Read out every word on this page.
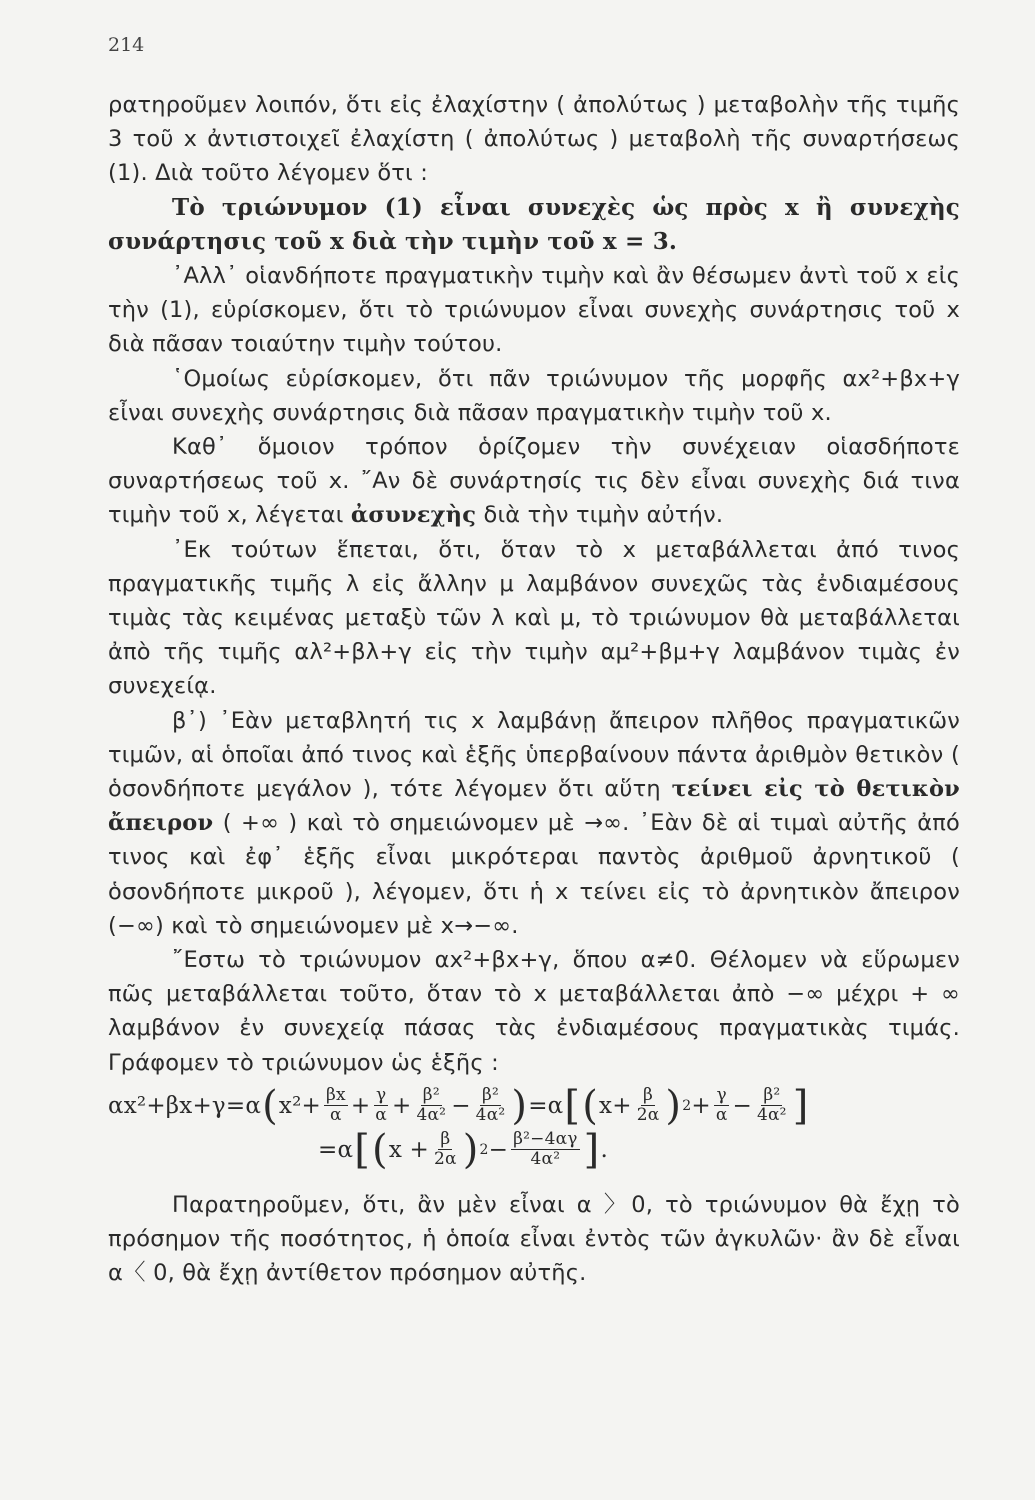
214

ρατηροῦμεν λοιπόν, ὅτι εἰς ἐλαχίστην ( ἀπολύτως ) μεταβολὴν τῆς τιμῆς 3 τοῦ x ἀντιστοιχεῖ ἐλαχίστη ( ἀπολύτως ) μεταβολὴ τῆς συναρτήσεως (1). Διὰ τοῦτο λέγομεν ὅτι :

Τὸ τριώνυμον (1) εἶναι συνεχὲς ὡς πρὸς x ἢ συνεχὴς συνάρτησις τοῦ x διὰ τὴν τιμὴν τοῦ x = 3.

᾿Αλλ᾿ οἱανδήποτε πραγματικὴν τιμὴν καὶ ἂν θέσωμεν ἀντὶ τοῦ x εἰς τὴν (1), εὑρίσκομεν, ὅτι τὸ τριώνυμον εἶναι συνεχὴς συνάρτησις τοῦ x διὰ πᾶσαν τοιαύτην τιμὴν τούτου.

῾Ομοίως εὑρίσκομεν, ὅτι πᾶν τριώνυμον τῆς μορφῆς αx²+βx+γ εἶναι συνεχὴς συνάρτησις διὰ πᾶσαν πραγματικὴν τιμὴν τοῦ x.

Καθ᾿ ὅμοιον τρόπον ὁρίζομεν τὴν συνέχειαν οἱασδήποτε συναρτήσεως τοῦ x. ῎Αν δὲ συνάρτησίς τις δὲν εἶναι συνεχὴς διά τινα τιμὴν τοῦ x, λέγεται ἀσυνεχὴς διὰ τὴν τιμὴν αὐτήν.

᾿Εκ τούτων ἕπεται, ὅτι, ὅταν τὸ x μεταβάλλεται ἀπό τινος πραγματικῆς τιμῆς λ εἰς ἄλλην μ λαμβάνον συνεχῶς τὰς ἐνδιαμέσους τιμὰς τὰς κειμένας μεταξὺ τῶν λ καὶ μ, τὸ τριώνυμον θὰ μεταβάλλεται ἀπὸ τῆς τιμῆς αλ²+βλ+γ εἰς τὴν τιμὴν αμ²+βμ+γ λαμβάνον τιμὰς ἐν συνεχείᾳ.

β᾿) ᾿Εὰν μεταβλητή τις x λαμβάνῃ ἄπειρον πλῆθος πραγματικῶν τιμῶν, αἱ ὁποῖαι ἀπό τινος καὶ ἑξῆς ὑπερβαίνουν πάντα ἀριθμὸν θετικὸν ( ὁσονδήποτε μεγάλον ), τότε λέγομεν ὅτι αὕτη τείνει εἰς τὸ θετικὸν ἄπειρον ( +∞ ) καὶ τὸ σημειώνομεν μὲ →∞. ᾿Εὰν δὲ αἱ τιμαὶ αὐτῆς ἀπό τινος καὶ ἐφ᾿ ἑξῆς εἶναι μικρότεραι παντὸς ἀριθμοῦ ἀρνητικοῦ ( ὁσονδήποτε μικροῦ ), λέγομεν, ὅτι ἡ x τείνει εἰς τὸ ἀρνητικὸν ἄπειρον (−∞) καὶ τὸ σημειώνομεν μὲ x→−∞.

῎Εστω τὸ τριώνυμον αx²+βx+γ, ὅπου α≠0. Θέλομεν νὰ εὕρωμεν πῶς μεταβάλλεται τοῦτο, ὅταν τὸ x μεταβάλλεται ἀπὸ −∞ μέχρι + ∞ λαμβάνον ἐν συνεχείᾳ πάσας τὰς ἐνδιαμέσους πραγματικὰς τιμάς. Γράφομεν τὸ τριώνυμον ὡς ἑξῆς :

αx²+βx+γ=α ( $x^2+ \frac{\beta x}{\alpha} + \frac{\gamma}{\alpha} + \frac{\text{β²}}{\text{4α²}} - \frac{\text{β²}}{\text{4α²}}$ ) =α [ ( $x+ \frac{\beta}{2\alpha}$ ) $2 + \frac{\gamma}{\alpha} - \frac{\text{β²}}{\text{4α²}}$ ]
=α [ ( $x + \frac{\beta}{2\alpha}$ ) $2 - \frac{\text{β²−4αγ}}{\text{4α²}}$ ] .

Παρατηροῦμεν, ὅτι, ἂν μὲν εἶναι α 〉0, τὸ τριώνυμον θὰ ἔχῃ τὸ πρόσημον τῆς ποσότητος, ἡ ὁποία εἶναι ἐντὸς τῶν ἀγκυλῶν· ἂν δὲ εἶναι α〈 0, θὰ ἔχῃ ἀντίθετον πρόσημον αὐτῆς.
